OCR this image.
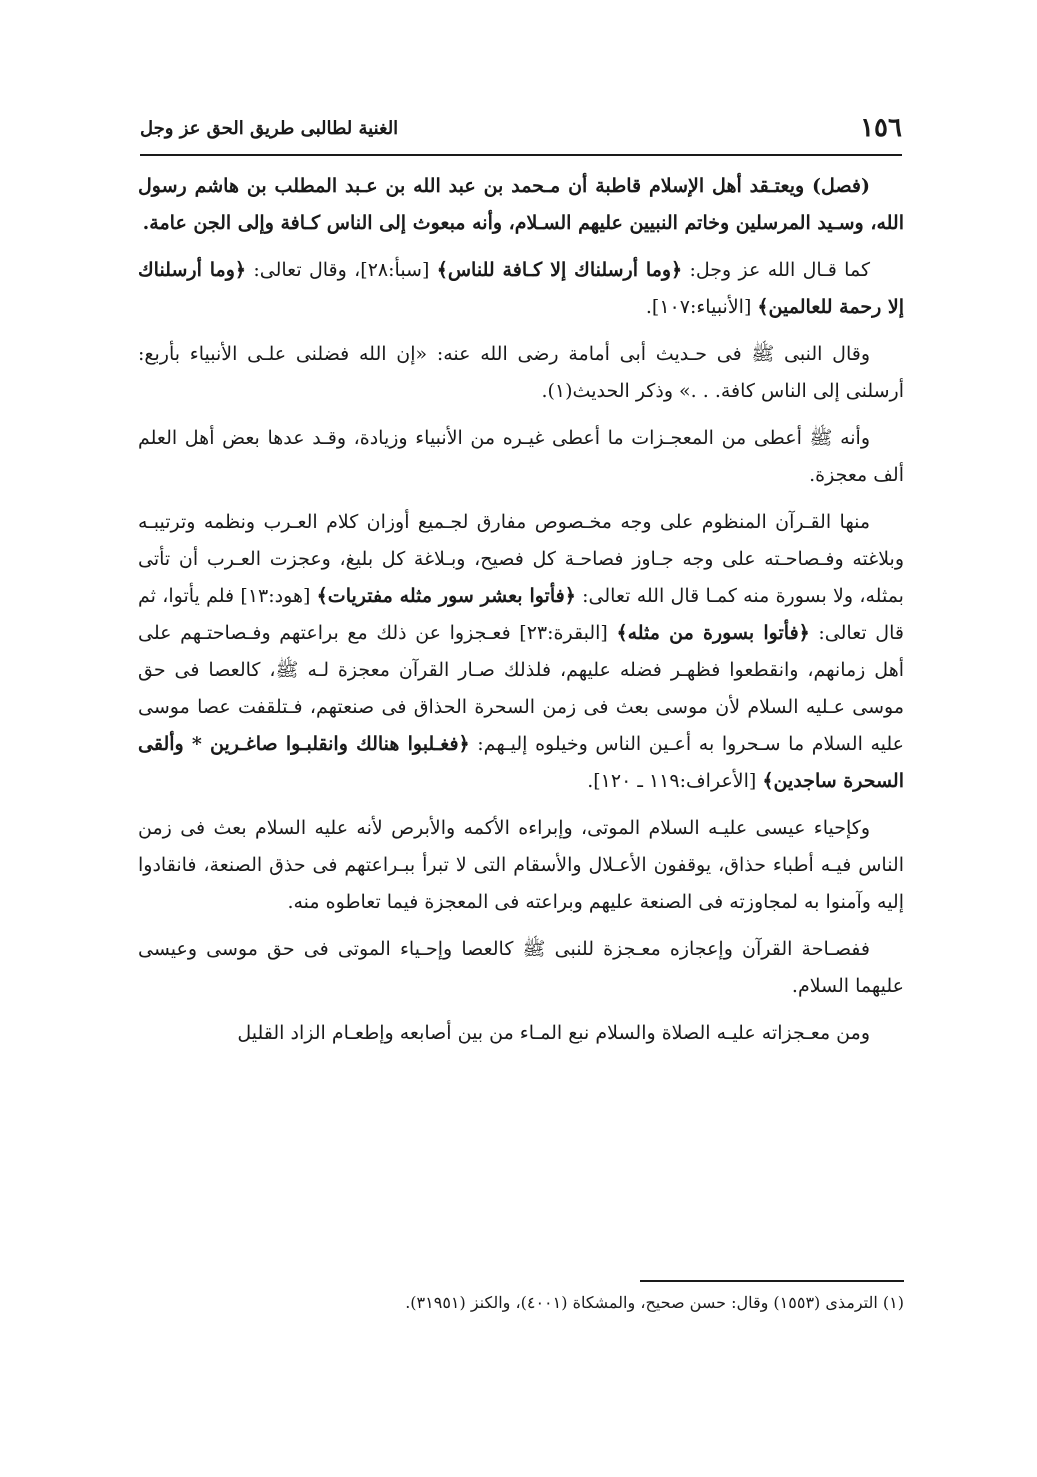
١٥٦
الغنية لطالبى طريق الحق عز وجل

(فصل) ويعتـقد أهل الإسلام قاطبة أن مـحمد بن عبد الله بن عـبد المطلب بن هاشم رسول الله، وسـيد المرسلين وخاتم النبيين عليهم السـلام، وأنه مبعوث إلى الناس كـافة وإلى الجن عامة.

كما قـال الله عز وجل: ﴿وما أرسلناك إلا كـافة للناس﴾ [سبأ:٢٨]، وقال تعالى: ﴿وما أرسلناك إلا رحمة للعالمين﴾ [الأنبياء:١٠٧].

وقال النبى ﷺ فى حـديث أبى أمامة رضى الله عنه: «إن الله فضلنى علـى الأنبياء بأربع: أرسلنى إلى الناس كافة. . .» وذكر الحديث(١).

وأنه ﷺ أعطى من المعجـزات ما أعطى غيـره من الأنبياء وزيادة، وقـد عدها بعض أهل العلم ألف معجزة.

منها القـرآن المنظوم على وجه مخـصوص مفارق لجـميع أوزان كلام العـرب ونظمه وترتيبـه وبلاغته وفـصاحـته على وجه جـاوز فصاحـة كل فصيح، وبـلاغة كل بليغ، وعجزت العـرب أن تأتى بمثله، ولا بسورة منه كمـا قال الله تعالى: ﴿فأتوا بعشر سور مثله مفتريات﴾ [هود:١٣] فلم يأتوا، ثم قال تعالى: ﴿فأتوا بسورة من مثله﴾ [البقرة:٢٣] فعـجزوا عن ذلك مع براعتهم وفـصاحتـهم على أهل زمانهم، وانقطعوا فظهـر فضله عليهم، فلذلك صـار القرآن معجزة لـه ﷺ، كالعصا فى حق موسى عـليه السلام لأن موسى بعث فى زمن السحرة الحذاق فى صنعتهم، فـتلقفت عصا موسى عليه السلام ما سـحروا به أعـين الناس وخيلوه إليـهم: ﴿فغـلبوا هنالك وانقلبـوا صاغـرين * وألقى السحرة ساجدين﴾ [الأعراف:١١٩ ـ ١٢٠].

وكإحياء عيسى عليـه السلام الموتى، وإبراءه الأكمه والأبرص لأنه عليه السلام بعث فى زمن الناس فيـه أطباء حذاق، يوقفون الأعـلال والأسقام التى لا تبرأ ببـراعتهم فى حذق الصنعة، فانقادوا إليه وآمنوا به لمجاوزته فى الصنعة عليهم وبراعته فى المعجزة فيما تعاطوه منه.

ففصـاحة القرآن وإعجازه معـجزة للنبى ﷺ كالعصا وإحـياء الموتى فى حق موسى وعيسى عليهما السلام.

ومن معـجزاته عليـه الصلاة والسلام نبع المـاء من بين أصابعه وإطعـام الزاد القليل

(١) الترمذى (١٥٥٣) وقال: حسن صحيح، والمشكاة (٤٠٠١)، والكنز (٣١٩٥١).
